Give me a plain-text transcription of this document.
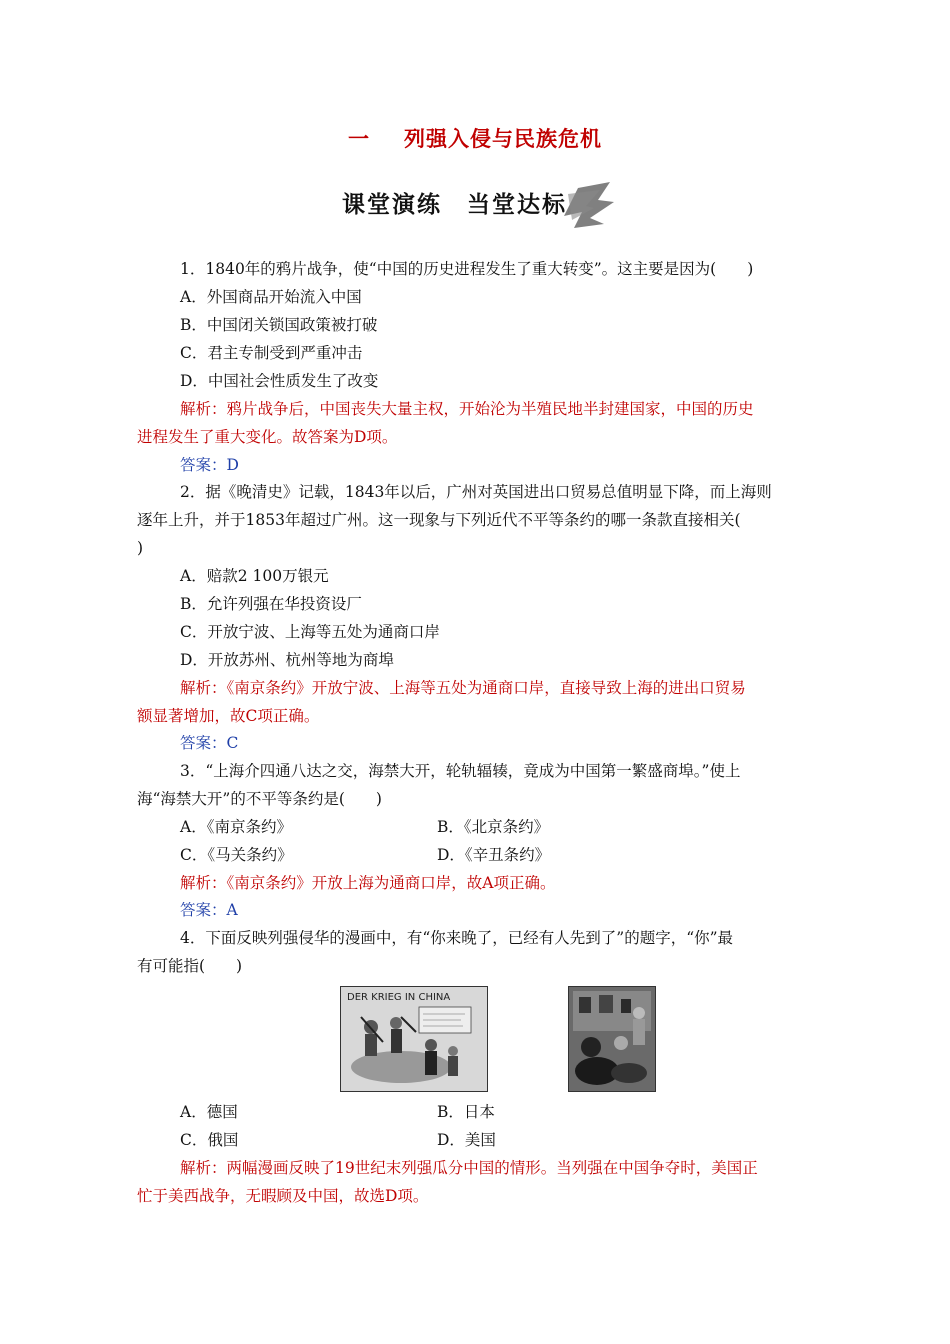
一 列强入侵与民族危机
课堂演练　当堂达标
1．1840年的鸦片战争，使“中国的历史进程发生了重大转变”。这主要是因为(　　)
A．外国商品开始流入中国
B．中国闭关锁国政策被打破
C．君主专制受到严重冲击
D．中国社会性质发生了改变
解析：鸦片战争后，中国丧失大量主权，开始沦为半殖民地半封建国家，中国的历史
进程发生了重大变化。故答案为D项。
答案：D
2．据《晚清史》记载，1843年以后，广州对英国进出口贸易总值明显下降，而上海则
逐年上升，并于1853年超过广州。这一现象与下列近代不平等条约的哪一条款直接相关(
)
A．赔款2 100万银元
B．允许列强在华投资设厂
C．开放宁波、上海等五处为通商口岸
D．开放苏州、杭州等地为商埠
解析：《南京条约》开放宁波、上海等五处为通商口岸，直接导致上海的进出口贸易
额显著增加，故C项正确。
答案：C
3．“上海介四通八达之交，海禁大开，轮轨辐辏，竟成为中国第一繁盛商埠。”使上
海“海禁大开”的不平等条约是(　　)
A．《南京条约》	B．《北京条约》
C．《马关条约》	D．《辛丑条约》
解析：《南京条约》开放上海为通商口岸，故A项正确。
答案：A
4．下面反映列强侵华的漫画中，有“你来晚了，已经有人先到了”的题字，“你”最
有可能指(　　)
DER KRIEG IN CHINA
A．德国	B．日本
C．俄国	D．美国
解析：两幅漫画反映了19世纪末列强瓜分中国的情形。当列强在中国争夺时，美国正
忙于美西战争，无暇顾及中国，故选D项。
